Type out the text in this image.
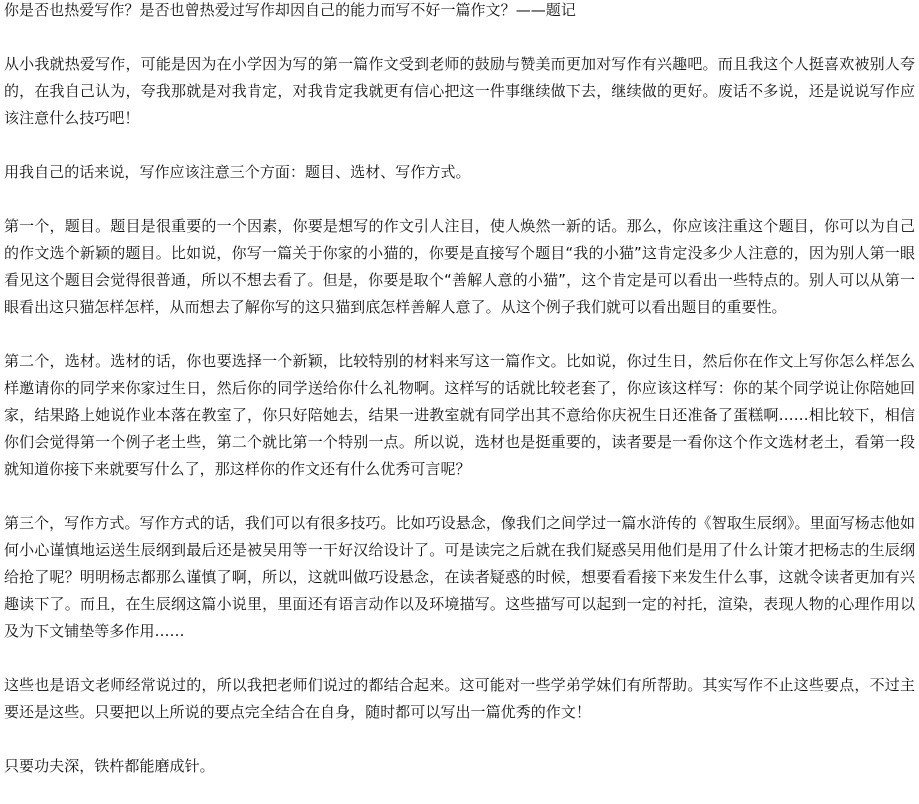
你是否也热爱写作？是否也曾热爱过写作却因自己的能力而写不好一篇作文？——题记

从小我就热爱写作，可能是因为在小学因为写的第一篇作文受到老师的鼓励与赞美而更加对写作有兴趣吧。而且我这个人挺喜欢被别人夸的，在我自己认为，夸我那就是对我肯定，对我肯定我就更有信心把这一件事继续做下去，继续做的更好。废话不多说，还是说说写作应该注意什么技巧吧！

用我自己的话来说，写作应该注意三个方面：题目、选材、写作方式。

第一个，题目。题目是很重要的一个因素，你要是想写的作文引人注目，使人焕然一新的话。那么，你应该注重这个题目，你可以为自己的作文选个新颖的题目。比如说，你写一篇关于你家的小猫的，你要是直接写个题目“我的小猫”这肯定没多少人注意的，因为别人第一眼看见这个题目会觉得很普通，所以不想去看了。但是，你要是取个“善解人意的小猫”，这个肯定是可以看出一些特点的。别人可以从第一眼看出这只猫怎样怎样，从而想去了解你写的这只猫到底怎样善解人意了。从这个例子我们就可以看出题目的重要性。

第二个，选材。选材的话，你也要选择一个新颖，比较特别的材料来写这一篇作文。比如说，你过生日，然后你在作文上写你怎么样怎么样邀请你的同学来你家过生日，然后你的同学送给你什么礼物啊。这样写的话就比较老套了，你应该这样写：你的某个同学说让你陪她回家，结果路上她说作业本落在教室了，你只好陪她去，结果一进教室就有同学出其不意给你庆祝生日还准备了蛋糕啊……相比较下，相信你们会觉得第一个例子老土些，第二个就比第一个特别一点。所以说，选材也是挺重要的，读者要是一看你这个作文选材老土，看第一段就知道你接下来就要写什么了，那这样你的作文还有什么优秀可言呢？

第三个，写作方式。写作方式的话，我们可以有很多技巧。比如巧设悬念，像我们之间学过一篇水浒传的《智取生辰纲》。里面写杨志他如何小心谨慎地运送生辰纲到最后还是被吴用等一干好汉给设计了。可是读完之后就在我们疑惑吴用他们是用了什么计策才把杨志的生辰纲给抢了呢？明明杨志都那么谨慎了啊，所以，这就叫做巧设悬念，在读者疑惑的时候，想要看看接下来发生什么事，这就令读者更加有兴趣读下了。而且，在生辰纲这篇小说里，里面还有语言动作以及环境描写。这些描写可以起到一定的衬托，渲染，表现人物的心理作用以及为下文铺垫等多作用……

这些也是语文老师经常说过的，所以我把老师们说过的都结合起来。这可能对一些学弟学妹们有所帮助。其实写作不止这些要点，不过主要还是这些。只要把以上所说的要点完全结合在自身，随时都可以写出一篇优秀的作文！

只要功夫深，铁杵都能磨成针。
